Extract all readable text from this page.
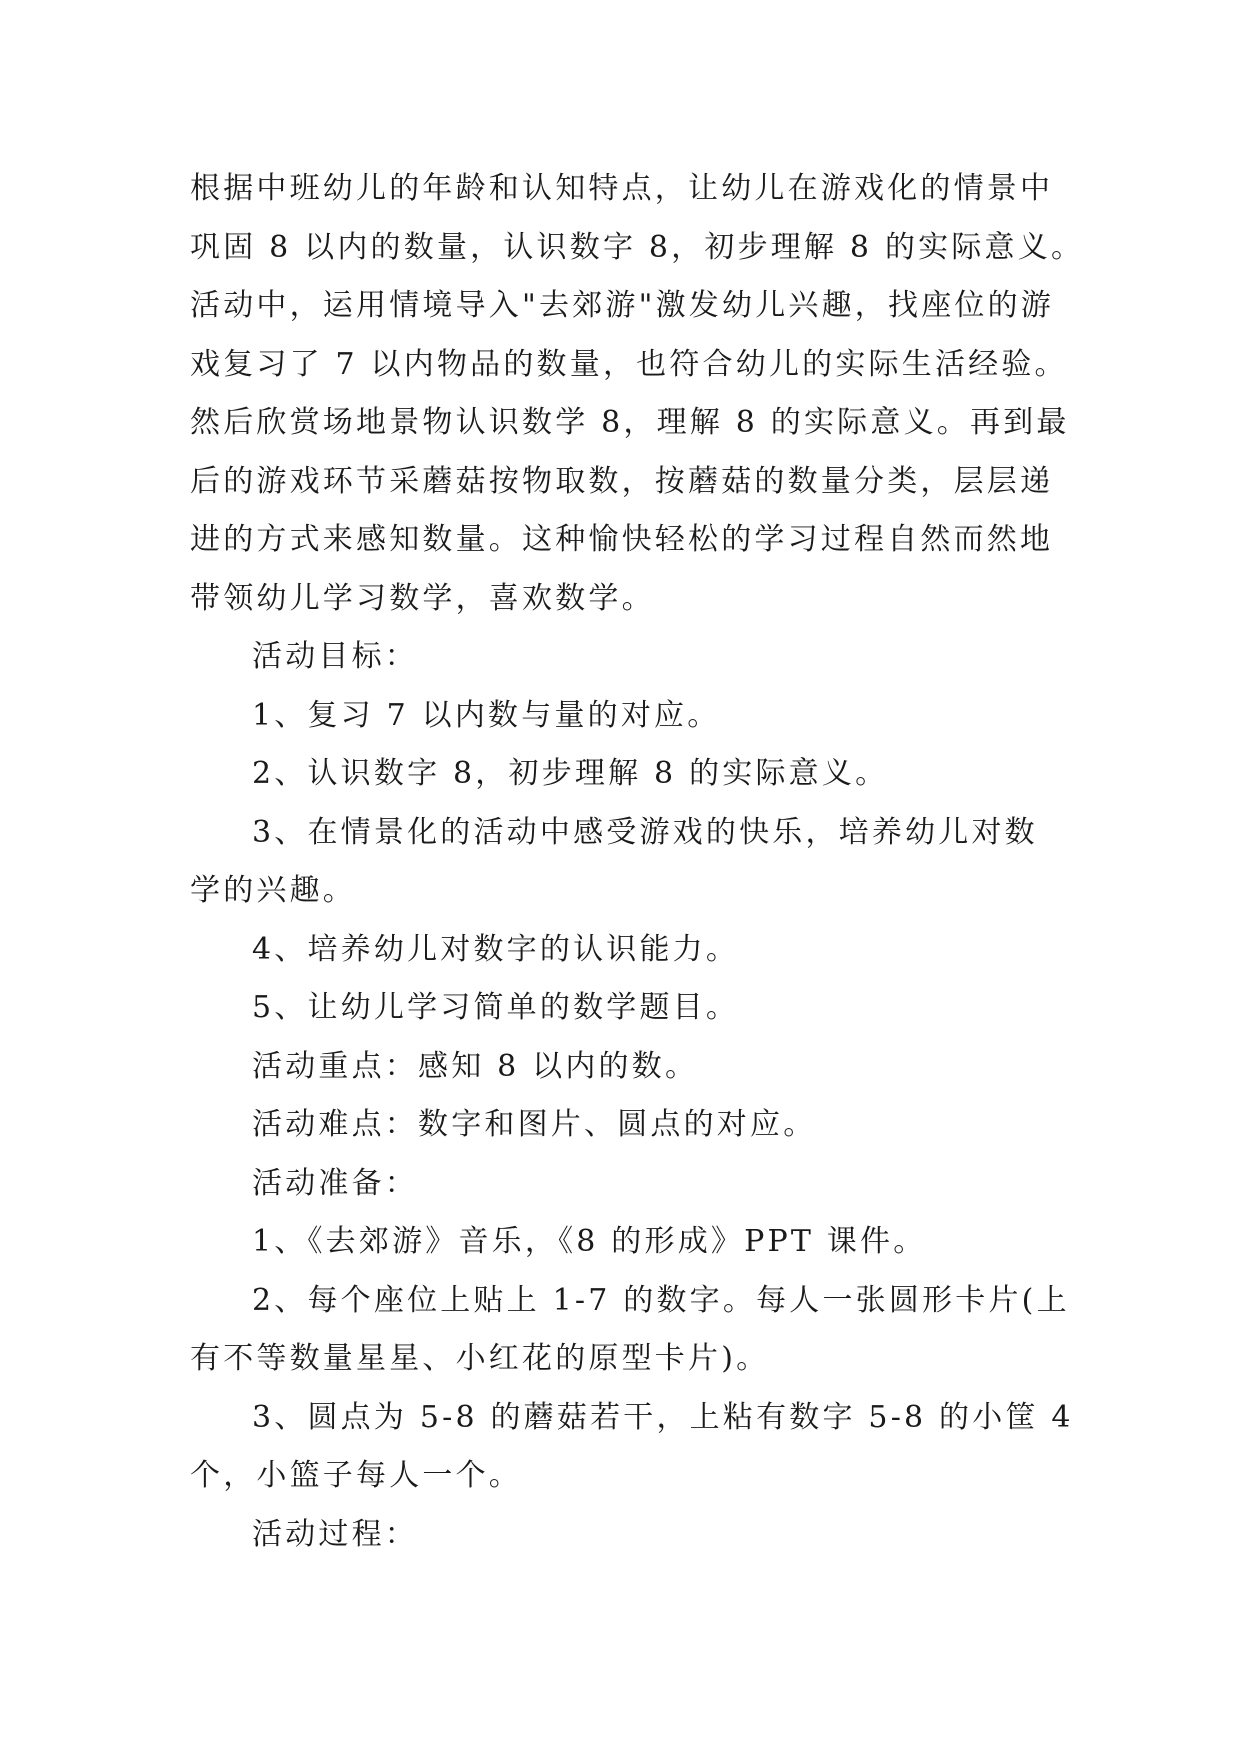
根据中班幼儿的年龄和认知特点，让幼儿在游戏化的情景中

巩固 8 以内的数量，认识数字 8，初步理解 8 的实际意义。

活动中，运用情境导入"去郊游"激发幼儿兴趣，找座位的游

戏复习了 7 以内物品的数量，也符合幼儿的实际生活经验。

然后欣赏场地景物认识数学 8，理解 8 的实际意义。再到最

后的游戏环节采蘑菇按物取数，按蘑菇的数量分类，层层递

进的方式来感知数量。这种愉快轻松的学习过程自然而然地

带领幼儿学习数学，喜欢数学。

活动目标：

1、复习 7 以内数与量的对应。

2、认识数字 8，初步理解 8 的实际意义。

3、在情景化的活动中感受游戏的快乐，培养幼儿对数

学的兴趣。

4、培养幼儿对数字的认识能力。

5、让幼儿学习简单的数学题目。

活动重点：感知 8 以内的数。

活动难点：数字和图片、圆点的对应。

活动准备：

1、《去郊游》音乐，《8 的形成》PPT 课件。

2、每个座位上贴上 1-7 的数字。每人一张圆形卡片(上

有不等数量星星、小红花的原型卡片)。

3、圆点为 5-8 的蘑菇若干，上粘有数字 5-8 的小筐 4

个，小篮子每人一个。

活动过程：
